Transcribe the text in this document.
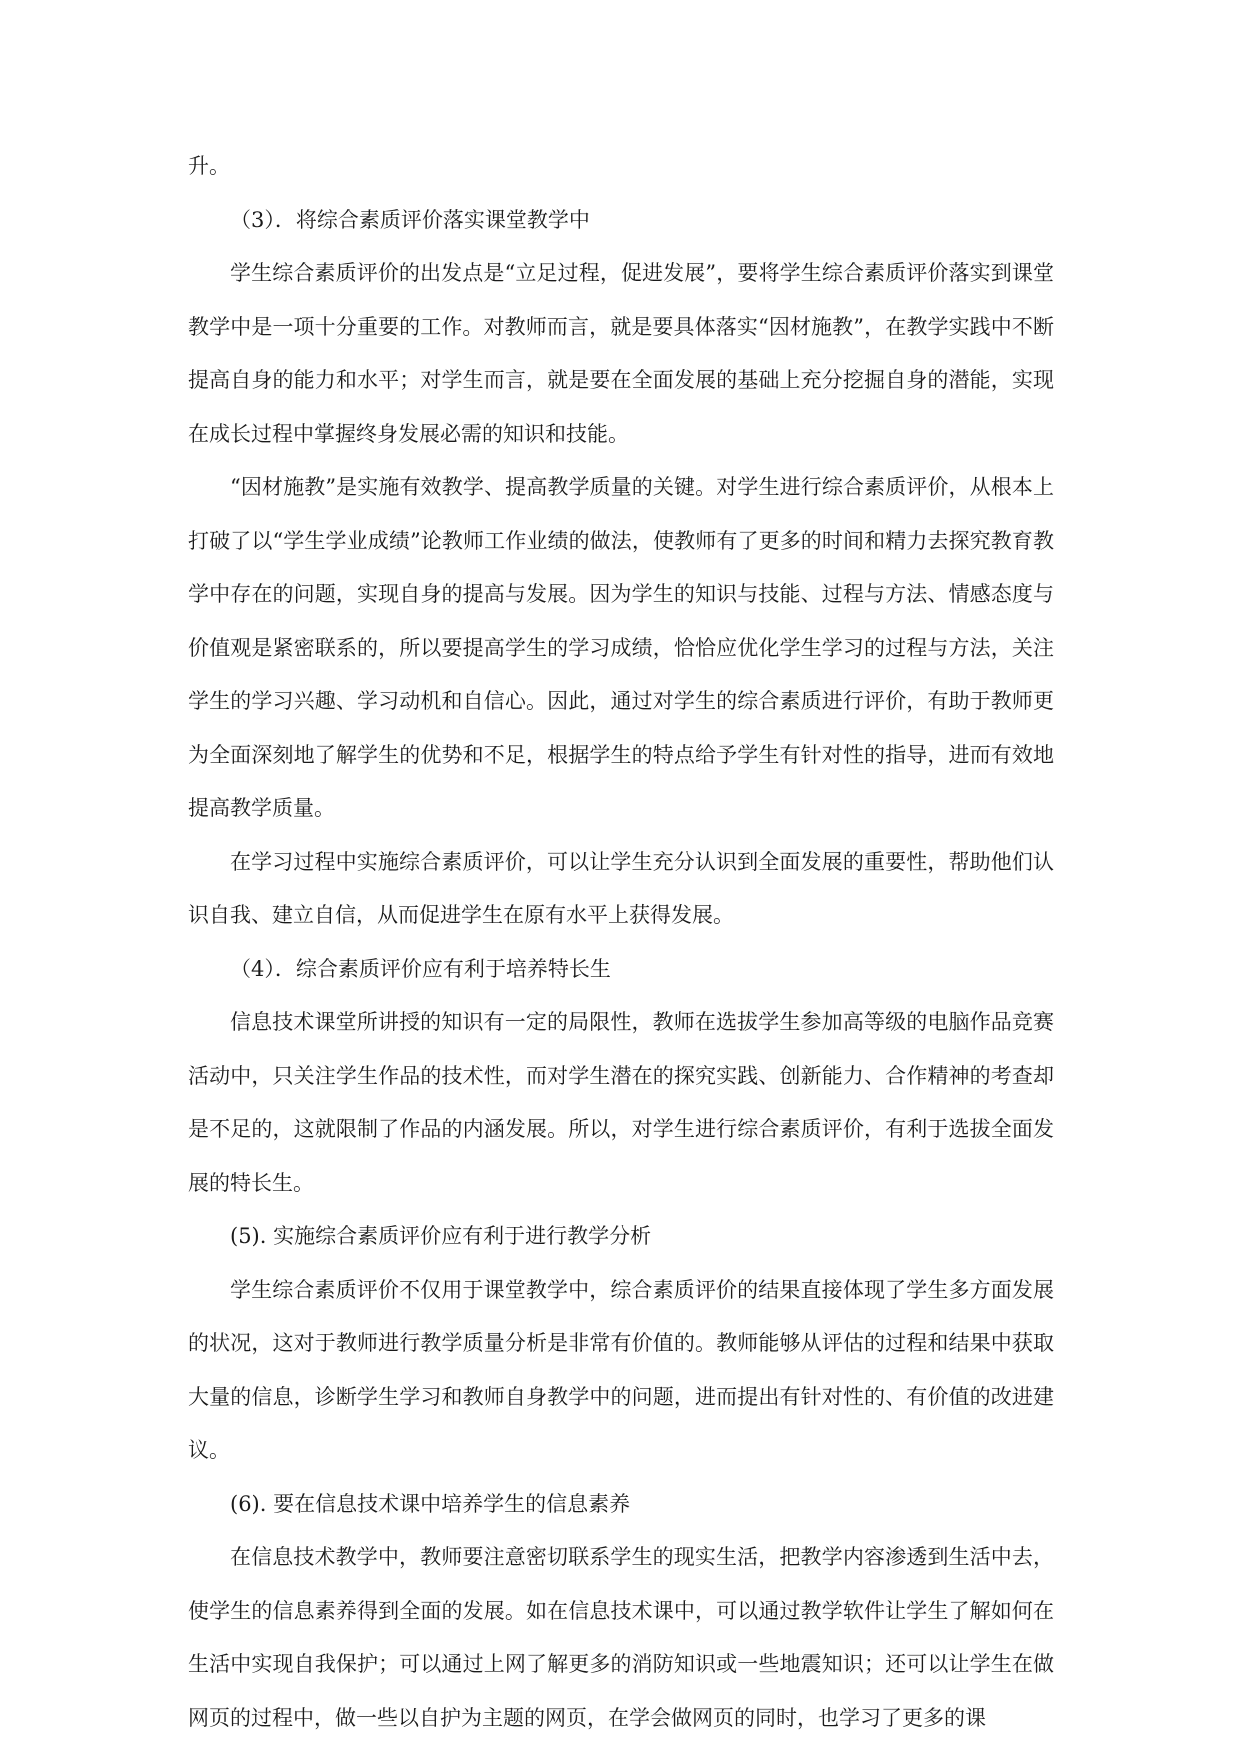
升。

（3）．将综合素质评价落实课堂教学中

学生综合素质评价的出发点是“立足过程，促进发展”，要将学生综合素质评价落实到课堂教学中是一项十分重要的工作。对教师而言，就是要具体落实“因材施教”，在教学实践中不断提高自身的能力和水平；对学生而言，就是要在全面发展的基础上充分挖掘自身的潜能，实现在成长过程中掌握终身发展必需的知识和技能。

“因材施教”是实施有效教学、提高教学质量的关键。对学生进行综合素质评价，从根本上打破了以“学生学业成绩”论教师工作业绩的做法，使教师有了更多的时间和精力去探究教育教学中存在的问题，实现自身的提高与发展。因为学生的知识与技能、过程与方法、情感态度与价值观是紧密联系的，所以要提高学生的学习成绩，恰恰应优化学生学习的过程与方法，关注学生的学习兴趣、学习动机和自信心。因此，通过对学生的综合素质进行评价，有助于教师更为全面深刻地了解学生的优势和不足，根据学生的特点给予学生有针对性的指导，进而有效地提高教学质量。

在学习过程中实施综合素质评价，可以让学生充分认识到全面发展的重要性，帮助他们认识自我、建立自信，从而促进学生在原有水平上获得发展。

（4）．综合素质评价应有利于培养特长生

信息技术课堂所讲授的知识有一定的局限性，教师在选拔学生参加高等级的电脑作品竞赛活动中，只关注学生作品的技术性，而对学生潜在的探究实践、创新能力、合作精神的考查却是不足的，这就限制了作品的内涵发展。所以，对学生进行综合素质评价，有利于选拔全面发展的特长生。

(5). 实施综合素质评价应有利于进行教学分析

学生综合素质评价不仅用于课堂教学中，综合素质评价的结果直接体现了学生多方面发展的状况，这对于教师进行教学质量分析是非常有价值的。教师能够从评估的过程和结果中获取大量的信息，诊断学生学习和教师自身教学中的问题，进而提出有针对性的、有价值的改进建议。

(6). 要在信息技术课中培养学生的信息素养

在信息技术教学中，教师要注意密切联系学生的现实生活，把教学内容渗透到生活中去，使学生的信息素养得到全面的发展。如在信息技术课中，可以通过教学软件让学生了解如何在生活中实现自我保护；可以通过上网了解更多的消防知识或一些地震知识；还可以让学生在做网页的过程中，做一些以自护为主题的网页，在学会做网页的同时，也学习了更多的课
